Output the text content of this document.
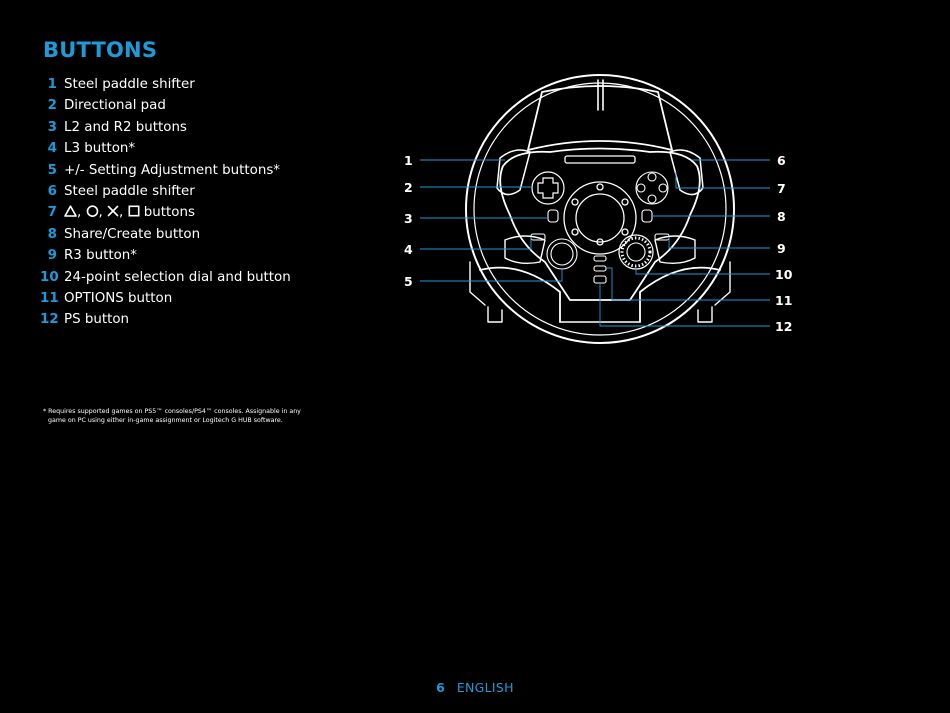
BUTTONS
1 Steel paddle shifter
2 Directional pad
3 L2 and R2 buttons
4 L3 button*
5 +/- Setting Adjustment buttons*
6 Steel paddle shifter
7 , , ,  buttons
8 Share/Create button
9 R3 button*
10 24-point selection dial and button
11 OPTIONS button
12 PS button
* Requires supported games on PS5™ consoles/PS4™ consoles. Assignable in any
game on PC using either in-game assignment or Logitech G HUB software.
1
2
3
4
5
6
7
8
9
10
11
12
6 ENGLISH
